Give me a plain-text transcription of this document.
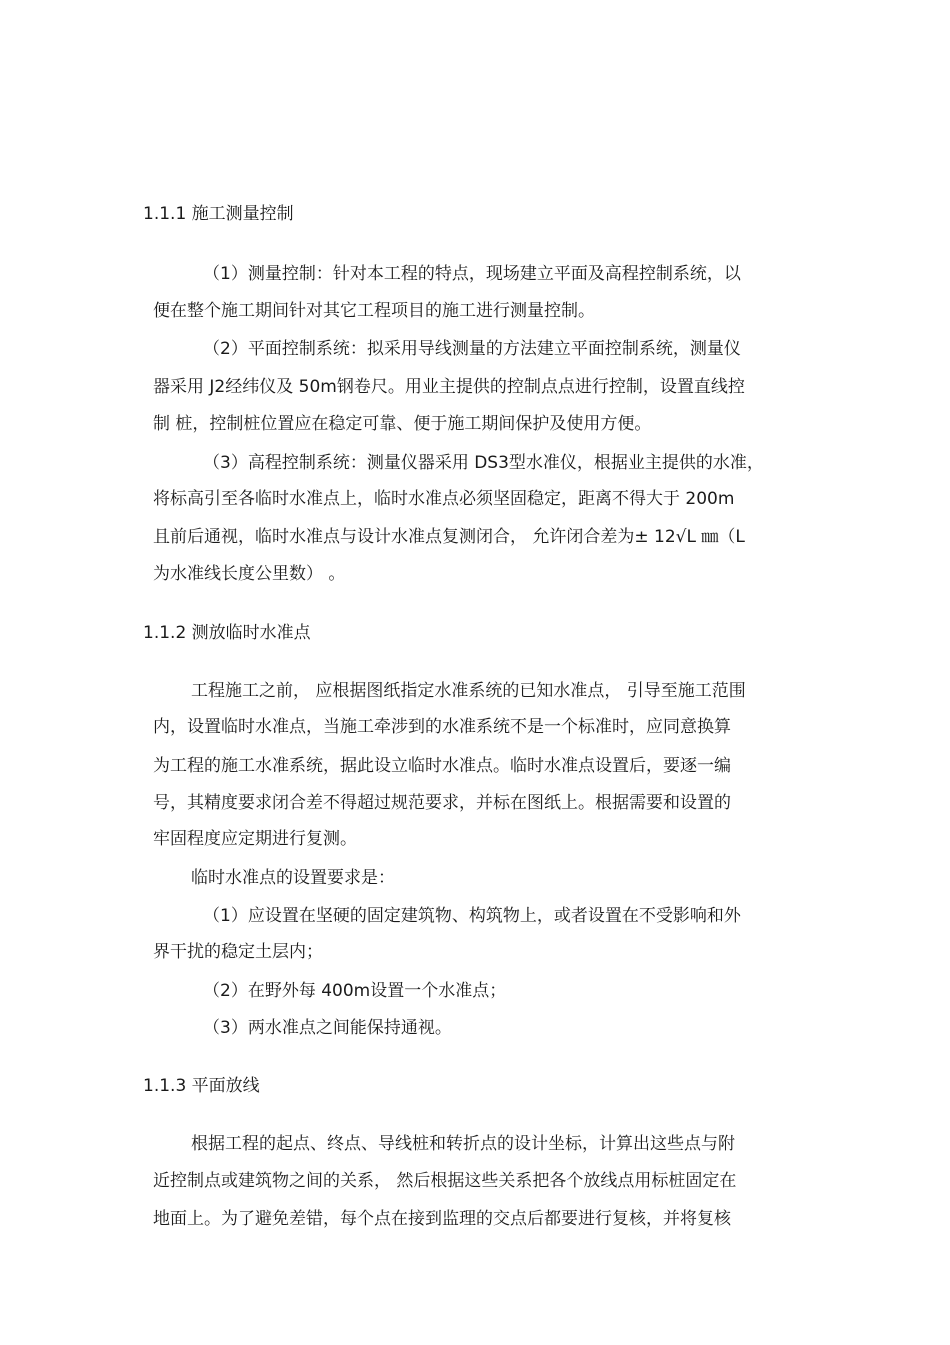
1.1.1 施工测量控制
（1）测量控制：针对本工程的特点，现场建立平面及高程控制系统，以
便在整个施工期间针对其它工程项目的施工进行测量控制。
（2）平面控制系统：拟采用导线测量的方法建立平面控制系统，测量仪
器采用 J2经纬仪及 50m钢卷尺。用业主提供的控制点点进行控制，设置直线控
制 桩，控制桩位置应在稳定可靠、便于施工期间保护及使用方便。
（3）高程控制系统：测量仪器采用 DS3型水准仪，根据业主提供的水准，
将标高引至各临时水准点上，临时水准点必须坚固稳定，距离不得大于 200m
且前后通视，临时水准点与设计水准点复测闭合， 允许闭合差为± 12√L ㎜（L
为水准线长度公里数） 。
1.1.2 测放临时水准点
工程施工之前， 应根据图纸指定水准系统的已知水准点， 引导至施工范围
内，设置临时水准点，当施工牵涉到的水准系统不是一个标准时，应同意换算
为工程的施工水准系统，据此设立临时水准点。临时水准点设置后，要逐一编
号，其精度要求闭合差不得超过规范要求，并标在图纸上。根据需要和设置的
牢固程度应定期进行复测。
临时水准点的设置要求是：
（1）应设置在坚硬的固定建筑物、构筑物上，或者设置在不受影响和外
界干扰的稳定土层内；
（2）在野外每 400m设置一个水准点；
（3）两水准点之间能保持通视。
1.1.3 平面放线
根据工程的起点、终点、导线桩和转折点的设计坐标，计算出这些点与附
近控制点或建筑物之间的关系， 然后根据这些关系把各个放线点用标桩固定在
地面上。为了避免差错，每个点在接到监理的交点后都要进行复核，并将复核
